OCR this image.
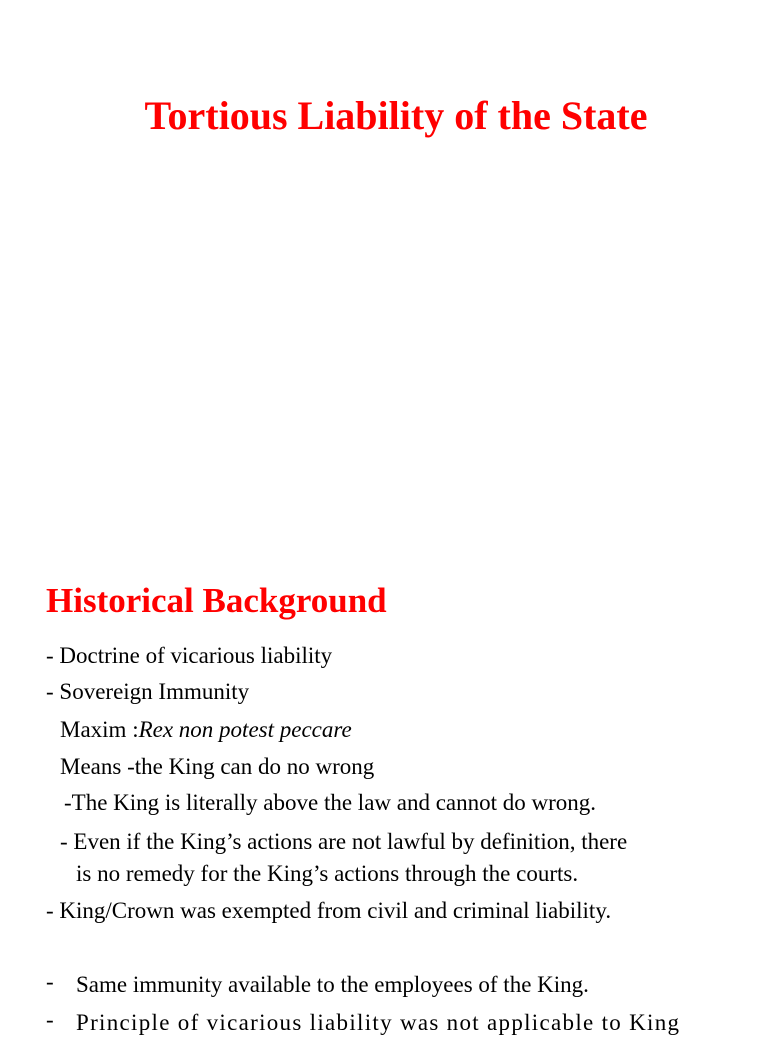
Tortious Liability of the State
Historical Background

- Doctrine of vicarious liability

- Sovereign Immunity

Maxim :Rex non potest peccare

Means -the King can do no wrong

-The King is literally above the law and cannot do wrong.

- Even if the King’s actions are not lawful by definition, there

is no remedy for the King’s actions through the courts.

- King/Crown was exempted from civil and criminal liability.

- Same immunity available to the employees of the King.

- Principle of vicarious liability was not applicable to King
